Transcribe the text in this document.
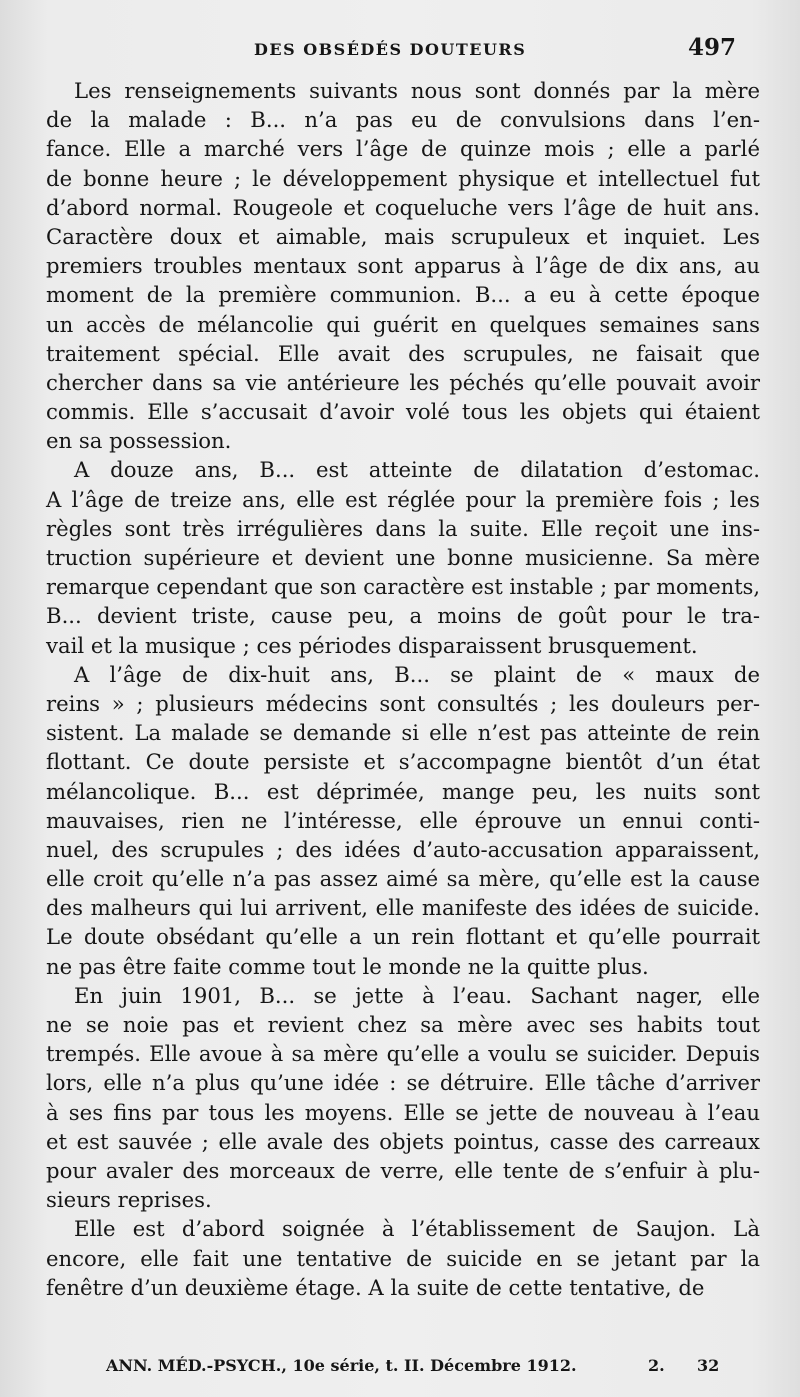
DES OBSÉDÉS DOUTEURS	497
Les renseignements suivants nous sont donnés par la mère
de la malade : B... n’a pas eu de convulsions dans l’en-
fance. Elle a marché vers l’âge de quinze mois ; elle a parlé
de bonne heure ; le développement physique et intellectuel fut
d’abord normal. Rougeole et coqueluche vers l’âge de huit ans.
Caractère doux et aimable, mais scrupuleux et inquiet. Les
premiers troubles mentaux sont apparus à l’âge de dix ans, au
moment de la première communion. B... a eu à cette époque
un accès de mélancolie qui guérit en quelques semaines sans
traitement spécial. Elle avait des scrupules, ne faisait que
chercher dans sa vie antérieure les péchés qu’elle pouvait avoir
commis. Elle s’accusait d’avoir volé tous les objets qui étaient
en sa possession.
A douze ans, B... est atteinte de dilatation d’estomac.
A l’âge de treize ans, elle est réglée pour la première fois ; les
règles sont très irrégulières dans la suite. Elle reçoit une ins-
truction supérieure et devient une bonne musicienne. Sa mère
remarque cependant que son caractère est instable ; par moments,
B... devient triste, cause peu, a moins de goût pour le tra-
vail et la musique ; ces périodes disparaissent brusquement.
A l’âge de dix-huit ans, B... se plaint de « maux de
reins » ; plusieurs médecins sont consultés ; les douleurs per-
sistent. La malade se demande si elle n’est pas atteinte de rein
flottant. Ce doute persiste et s’accompagne bientôt d’un état
mélancolique. B... est déprimée, mange peu, les nuits sont
mauvaises, rien ne l’intéresse, elle éprouve un ennui conti-
nuel, des scrupules ; des idées d’auto-accusation apparaissent,
elle croit qu’elle n’a pas assez aimé sa mère, qu’elle est la cause
des malheurs qui lui arrivent, elle manifeste des idées de suicide.
Le doute obsédant qu’elle a un rein flottant et qu’elle pourrait
ne pas être faite comme tout le monde ne la quitte plus.
En juin 1901, B... se jette à l’eau. Sachant nager, elle
ne se noie pas et revient chez sa mère avec ses habits tout
trempés. Elle avoue à sa mère qu’elle a voulu se suicider. Depuis
lors, elle n’a plus qu’une idée : se détruire. Elle tâche d’arriver
à ses fins par tous les moyens. Elle se jette de nouveau à l’eau
et est sauvée ; elle avale des objets pointus, casse des carreaux
pour avaler des morceaux de verre, elle tente de s’enfuir à plu-
sieurs reprises.
Elle est d’abord soignée à l’établissement de Saujon. Là
encore, elle fait une tentative de suicide en se jetant par la
fenêtre d’un deuxième étage. A la suite de cette tentative, de
ANN. MÉD.-PSYCH., 10e série, t. II. Décembre 1912.	2. 32
